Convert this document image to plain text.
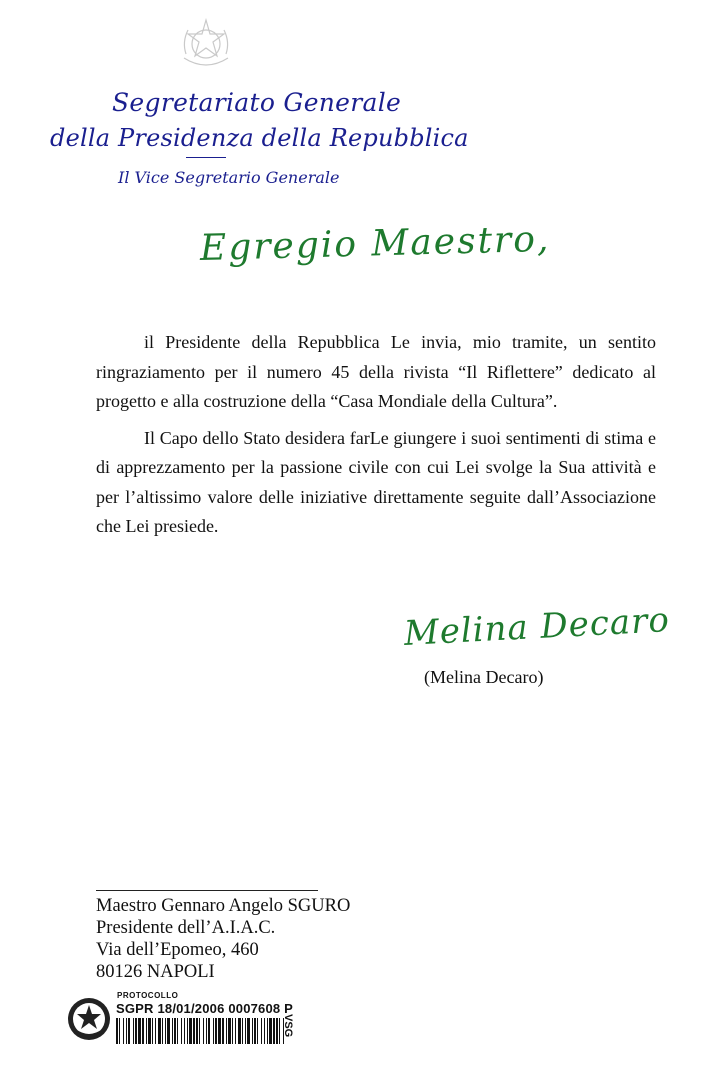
Segretariato Generale
della Presidenza della Repubblica
Il Vice Segretario Generale
Egregio Maestro,

il Presidente della Repubblica Le invia, mio tramite, un sentito ringraziamento per il numero 45 della rivista “Il Riflettere” dedicato al progetto e alla costruzione della “Casa Mondiale della Cultura”.

Il Capo dello Stato desidera farLe giungere i suoi sentimenti di stima e di apprezzamento per la passione civile con cui Lei svolge la Sua attività e per l’altissimo valore delle iniziative direttamente seguite dall’Associazione che Lei presiede.

Melina Decaro
(Melina Decaro)
Maestro Gennaro Angelo SGURO
Presidente dell’A.I.A.C.
Via dell’Epomeo, 460
80126 NAPOLI
PROTOCOLLO
SGPR 18/01/2006 0007608 P
VSG
